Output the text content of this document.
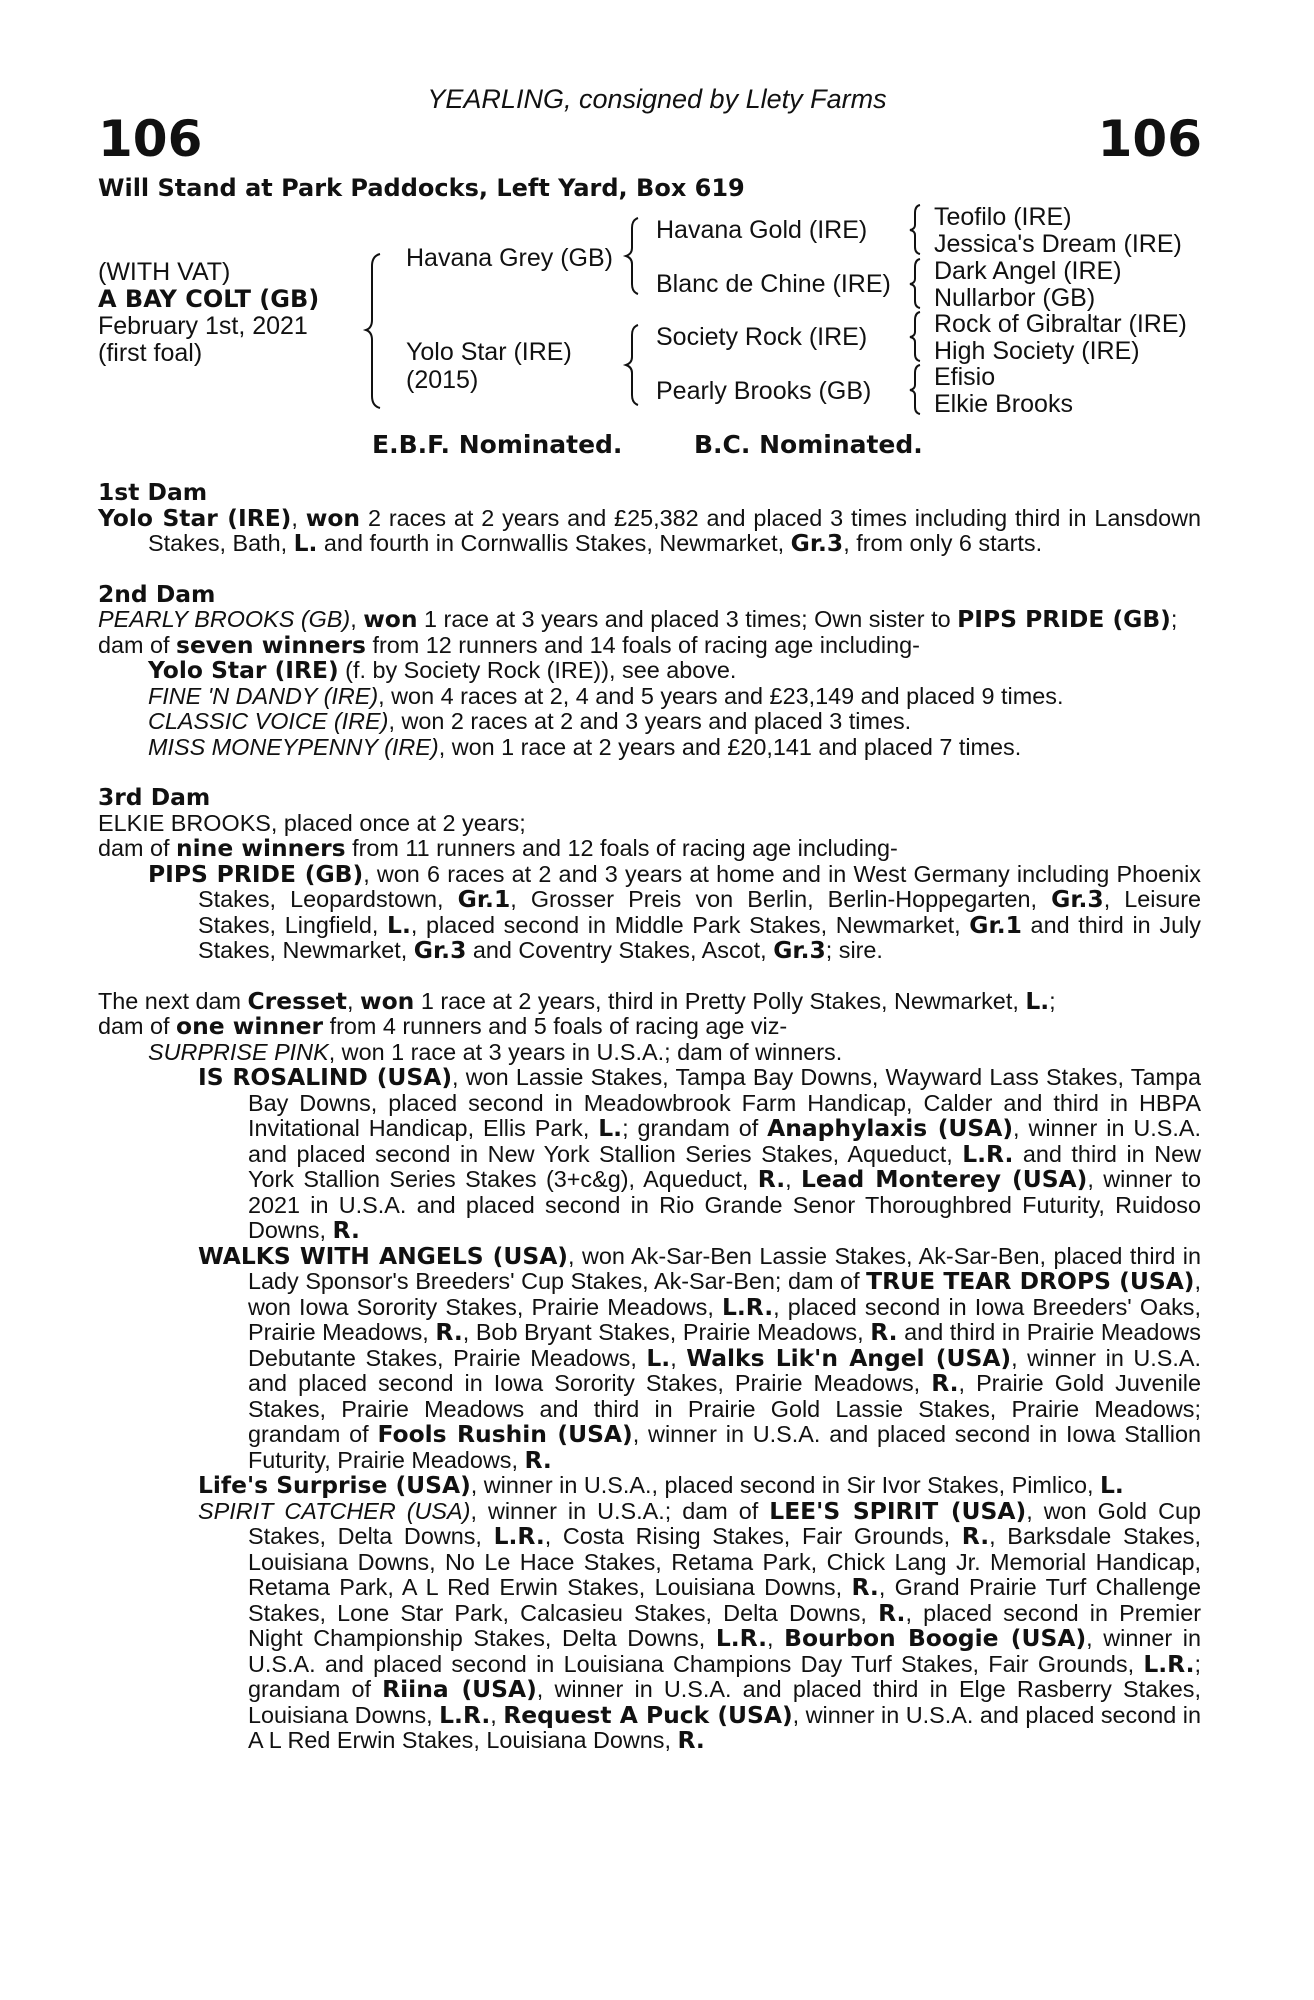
YEARLING, consigned by Llety Farms
106	106
Will Stand at Park Paddocks, Left Yard, Box 619
(WITH VAT)
A BAY COLT (GB)
February 1st, 2021
(first foal)
Havana Grey (GB)
Yolo Star (IRE)
(2015)
Havana Gold (IRE)
Blanc de Chine (IRE)
Society Rock (IRE)
Pearly Brooks (GB)
Teofilo (IRE)
Jessica's Dream (IRE)
Dark Angel (IRE)
Nullarbor (GB)
Rock of Gibraltar (IRE)
High Society (IRE)
Efisio
Elkie Brooks
E.B.F. Nominated.	B.C. Nominated.

1st Dam

Yolo Star (IRE), won 2 races at 2 years and £25,382 and placed 3 times including third in Lansdown Stakes, Bath, L. and fourth in Cornwallis Stakes, Newmarket, Gr.3, from only 6 starts.

2nd Dam

PEARLY BROOKS (GB), won 1 race at 3 years and placed 3 times; Own sister to PIPS PRIDE (GB);

dam of seven winners from 12 runners and 14 foals of racing age including-

Yolo Star (IRE) (f. by Society Rock (IRE)), see above.

FINE 'N DANDY (IRE), won 4 races at 2, 4 and 5 years and £23,149 and placed 9 times.

CLASSIC VOICE (IRE), won 2 races at 2 and 3 years and placed 3 times.

MISS MONEYPENNY (IRE), won 1 race at 2 years and £20,141 and placed 7 times.

3rd Dam

ELKIE BROOKS, placed once at 2 years;

dam of nine winners from 11 runners and 12 foals of racing age including-

PIPS PRIDE (GB), won 6 races at 2 and 3 years at home and in West Germany including Phoenix Stakes, Leopardstown, Gr.1, Grosser Preis von Berlin, Berlin-Hoppegarten, Gr.3, Leisure Stakes, Lingfield, L., placed second in Middle Park Stakes, Newmarket, Gr.1 and third in July Stakes, Newmarket, Gr.3 and Coventry Stakes, Ascot, Gr.3; sire.

The next dam Cresset, won 1 race at 2 years, third in Pretty Polly Stakes, Newmarket, L.;

dam of one winner from 4 runners and 5 foals of racing age viz-

SURPRISE PINK, won 1 race at 3 years in U.S.A.; dam of winners.

IS ROSALIND (USA), won Lassie Stakes, Tampa Bay Downs, Wayward Lass Stakes, Tampa Bay Downs, placed second in Meadowbrook Farm Handicap, Calder and third in HBPA Invitational Handicap, Ellis Park, L.; grandam of Anaphylaxis (USA), winner in U.S.A. and placed second in New York Stallion Series Stakes, Aqueduct, L.R. and third in New York Stallion Series Stakes (3+c&g), Aqueduct, R., Lead Monterey (USA), winner to 2021 in U.S.A. and placed second in Rio Grande Senor Thoroughbred Futurity, Ruidoso Downs, R.

WALKS WITH ANGELS (USA), won Ak-Sar-Ben Lassie Stakes, Ak-Sar-Ben, placed third in Lady Sponsor's Breeders' Cup Stakes, Ak-Sar-Ben; dam of TRUE TEAR DROPS (USA), won Iowa Sorority Stakes, Prairie Meadows, L.R., placed second in Iowa Breeders' Oaks, Prairie Meadows, R., Bob Bryant Stakes, Prairie Meadows, R. and third in Prairie Meadows Debutante Stakes, Prairie Meadows, L., Walks Lik'n Angel (USA), winner in U.S.A. and placed second in Iowa Sorority Stakes, Prairie Meadows, R., Prairie Gold Juvenile Stakes, Prairie Meadows and third in Prairie Gold Lassie Stakes, Prairie Meadows; grandam of Fools Rushin (USA), winner in U.S.A. and placed second in Iowa Stallion Futurity, Prairie Meadows, R.

Life's Surprise (USA), winner in U.S.A., placed second in Sir Ivor Stakes, Pimlico, L.

SPIRIT CATCHER (USA), winner in U.S.A.; dam of LEE'S SPIRIT (USA), won Gold Cup Stakes, Delta Downs, L.R., Costa Rising Stakes, Fair Grounds, R., Barksdale Stakes, Louisiana Downs, No Le Hace Stakes, Retama Park, Chick Lang Jr. Memorial Handicap, Retama Park, A L Red Erwin Stakes, Louisiana Downs, R., Grand Prairie Turf Challenge Stakes, Lone Star Park, Calcasieu Stakes, Delta Downs, R., placed second in Premier Night Championship Stakes, Delta Downs, L.R., Bourbon Boogie (USA), winner in U.S.A. and placed second in Louisiana Champions Day Turf Stakes, Fair Grounds, L.R.; grandam of Riina (USA), winner in U.S.A. and placed third in Elge Rasberry Stakes, Louisiana Downs, L.R., Request A Puck (USA), winner in U.S.A. and placed second in A L Red Erwin Stakes, Louisiana Downs, R.
